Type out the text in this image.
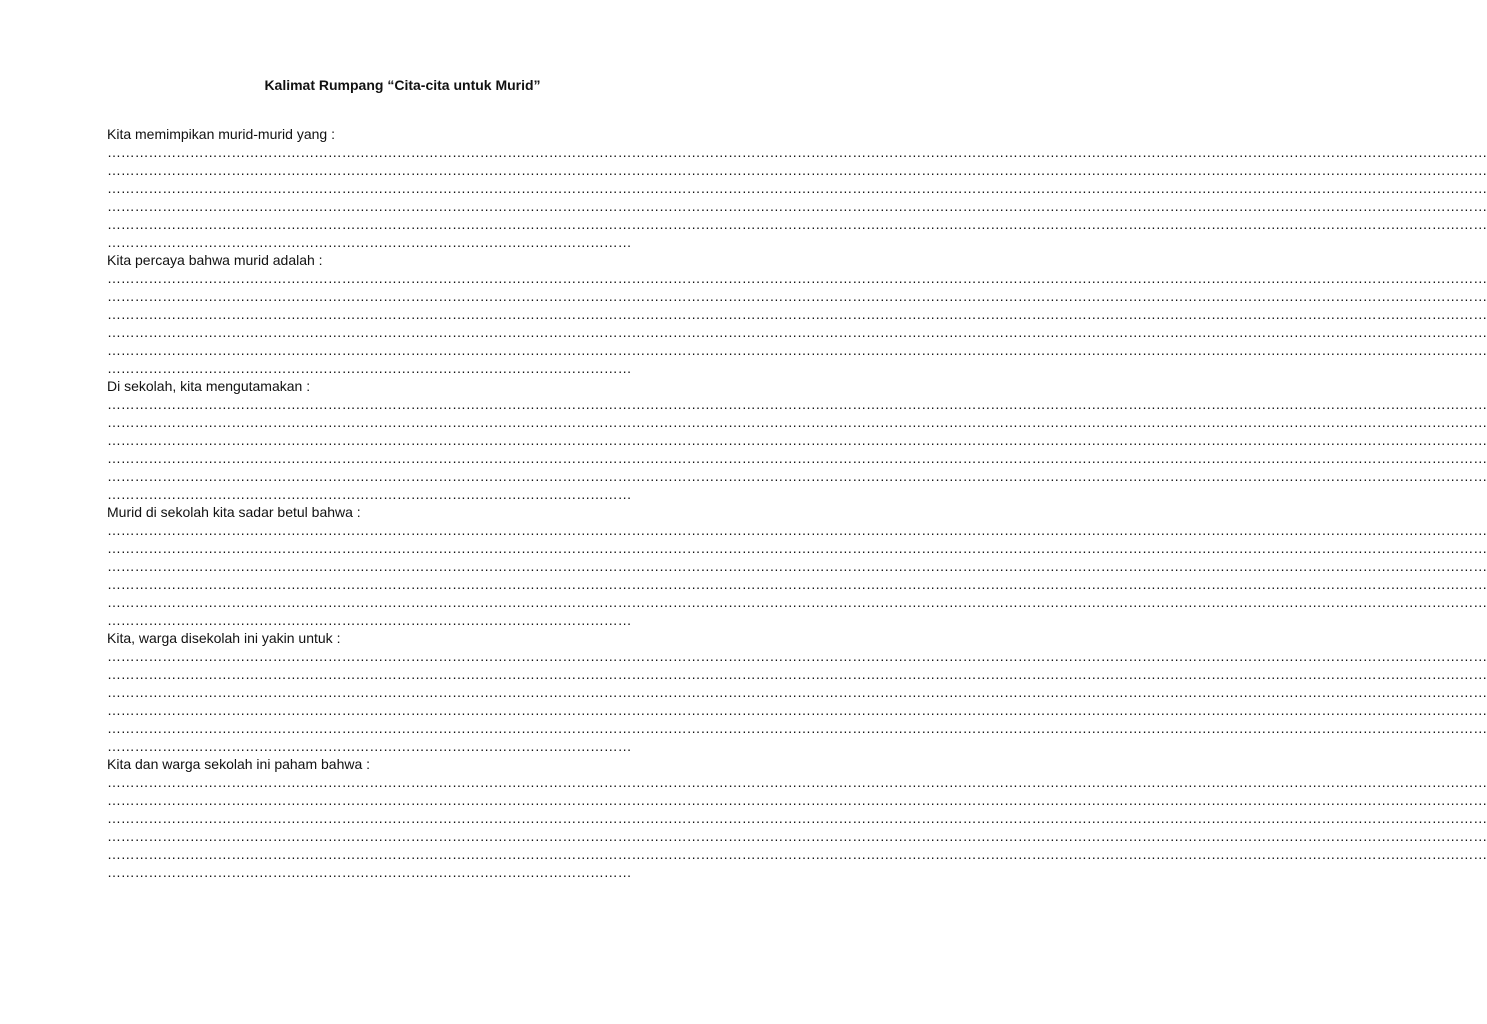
Kalimat Rumpang “Cita-cita untuk Murid”

Kita memimpikan murid-murid yang :

…………………………………………………………………………………………………………………………………………………………………………………………………………………………………………………………………………

…………………………………………………………………………………………………………………………………………………………………………………………………………………………………………………………………………

…………………………………………………………………………………………………………………………………………………………………………………………………………………………………………………………………………

…………………………………………………………………………………………………………………………………………………………………………………………………………………………………………………………………………

…………………………………………………………………………………………………………………………………………………………………………………………………………………………………………………………………………

……………………………………………………………………………………………………

Kita percaya bahwa murid adalah :

…………………………………………………………………………………………………………………………………………………………………………………………………………………………………………………………………………

…………………………………………………………………………………………………………………………………………………………………………………………………………………………………………………………………………

…………………………………………………………………………………………………………………………………………………………………………………………………………………………………………………………………………

…………………………………………………………………………………………………………………………………………………………………………………………………………………………………………………………………………

…………………………………………………………………………………………………………………………………………………………………………………………………………………………………………………………………………

……………………………………………………………………………………………………

Di sekolah, kita mengutamakan :

…………………………………………………………………………………………………………………………………………………………………………………………………………………………………………………………………………

…………………………………………………………………………………………………………………………………………………………………………………………………………………………………………………………………………

…………………………………………………………………………………………………………………………………………………………………………………………………………………………………………………………………………

…………………………………………………………………………………………………………………………………………………………………………………………………………………………………………………………………………

…………………………………………………………………………………………………………………………………………………………………………………………………………………………………………………………………………

……………………………………………………………………………………………………

Murid di sekolah kita sadar betul bahwa :

…………………………………………………………………………………………………………………………………………………………………………………………………………………………………………………………………………

…………………………………………………………………………………………………………………………………………………………………………………………………………………………………………………………………………

…………………………………………………………………………………………………………………………………………………………………………………………………………………………………………………………………………

…………………………………………………………………………………………………………………………………………………………………………………………………………………………………………………………………………

…………………………………………………………………………………………………………………………………………………………………………………………………………………………………………………………………………

……………………………………………………………………………………………………

Kita, warga disekolah ini yakin untuk :

…………………………………………………………………………………………………………………………………………………………………………………………………………………………………………………………………………

…………………………………………………………………………………………………………………………………………………………………………………………………………………………………………………………………………

…………………………………………………………………………………………………………………………………………………………………………………………………………………………………………………………………………

…………………………………………………………………………………………………………………………………………………………………………………………………………………………………………………………………………

…………………………………………………………………………………………………………………………………………………………………………………………………………………………………………………………………………

……………………………………………………………………………………………………

Kita dan warga sekolah ini paham bahwa :

…………………………………………………………………………………………………………………………………………………………………………………………………………………………………………………………………………

…………………………………………………………………………………………………………………………………………………………………………………………………………………………………………………………………………

…………………………………………………………………………………………………………………………………………………………………………………………………………………………………………………………………………

…………………………………………………………………………………………………………………………………………………………………………………………………………………………………………………………………………

…………………………………………………………………………………………………………………………………………………………………………………………………………………………………………………………………………

……………………………………………………………………………………………………
